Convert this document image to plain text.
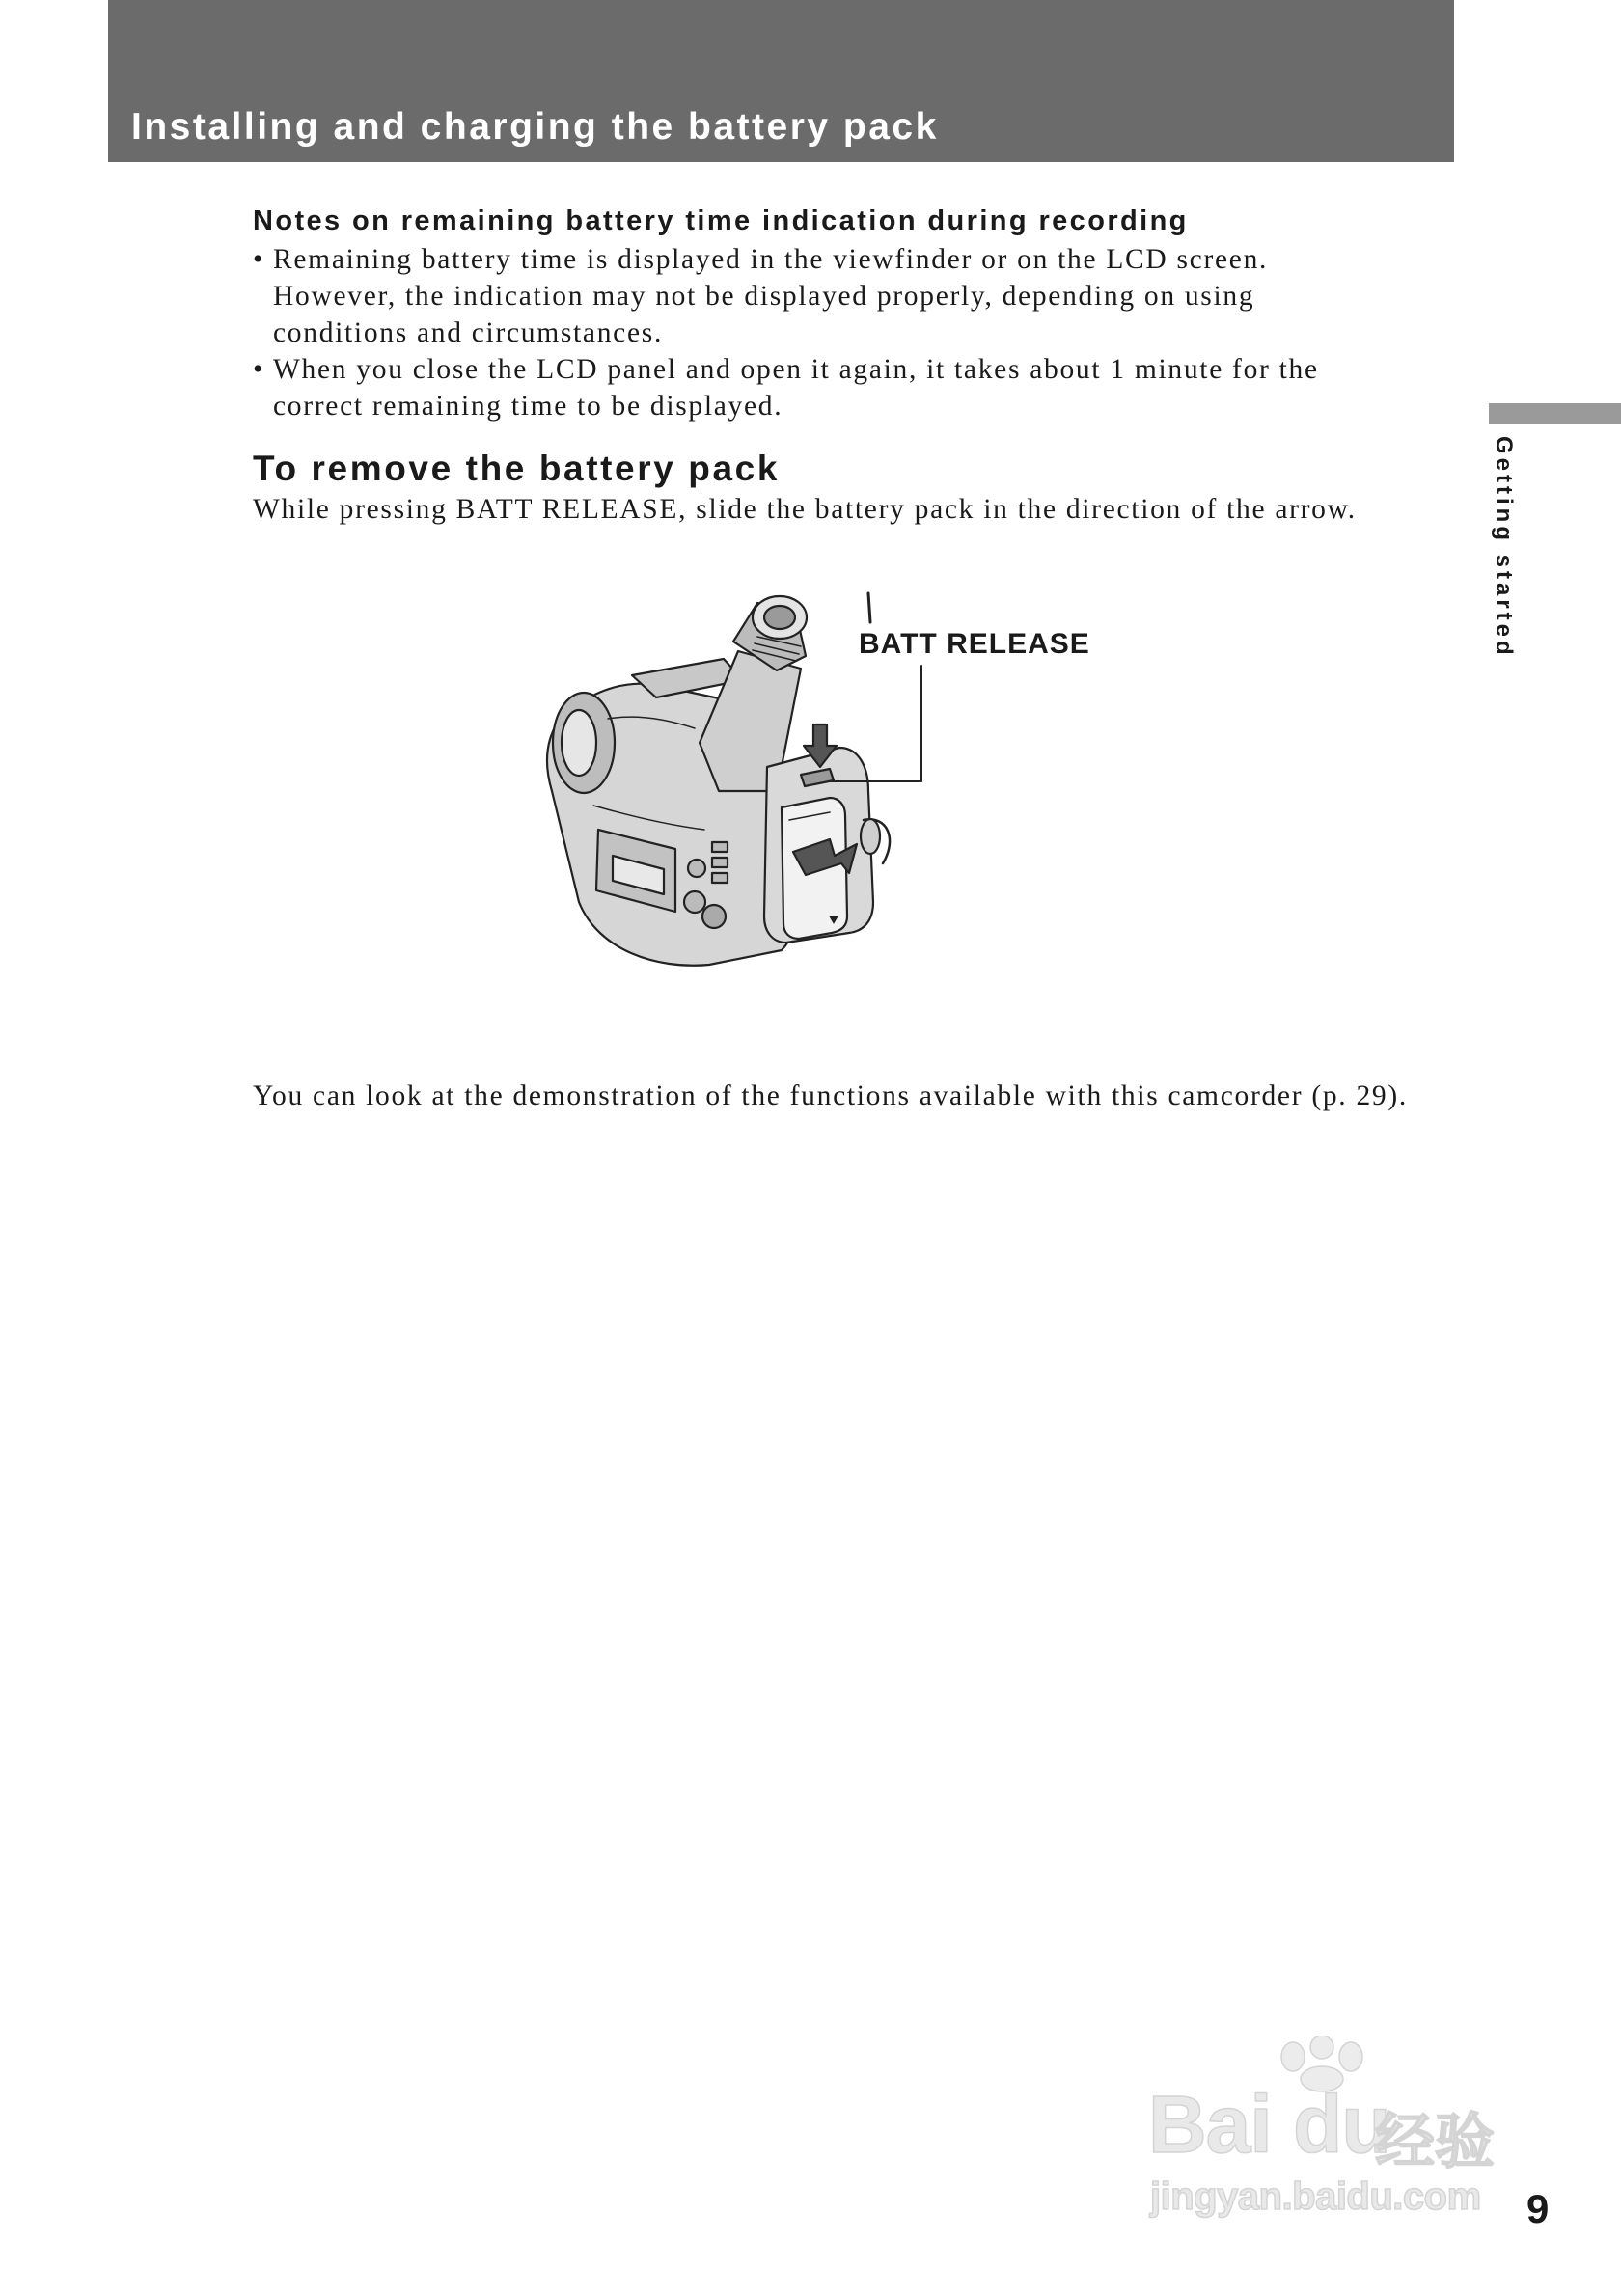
Installing and charging the battery pack
Getting started
Notes on remaining battery time indication during recording
• Remaining battery time is displayed in the viewfinder or on the LCD screen.
However, the indication may not be displayed properly, depending on using
conditions and circumstances.
• When you close the LCD panel and open it again, it takes about 1 minute for the
correct remaining time to be displayed.
To remove the battery pack

While pressing BATT RELEASE, slide the battery pack in the direction of the arrow.

BATT RELEASE
You can look at the demonstration of the functions available with this camcorder (p. 29).
Bai du
经验
jingyan.baidu.com 9
